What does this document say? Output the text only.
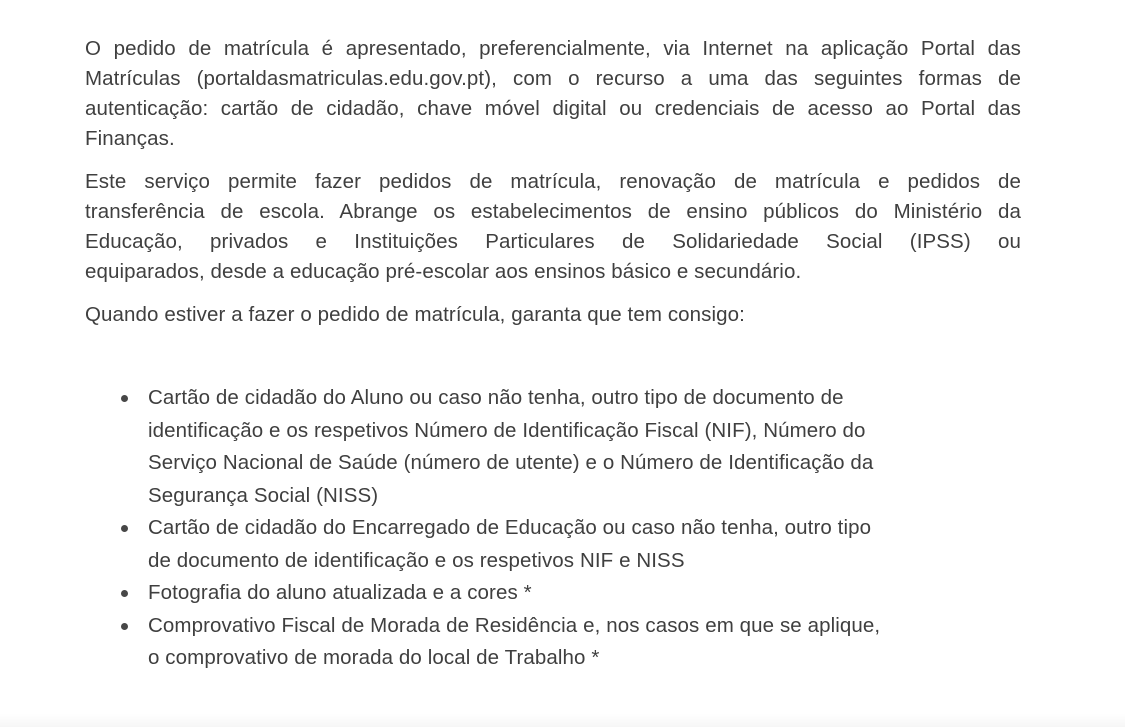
O pedido de matrícula é apresentado, preferencialmente, via Internet na aplicação Portal das
Matrículas (portaldasmatriculas.edu.gov.pt), com o recurso a uma das seguintes formas de
autenticação: cartão de cidadão, chave móvel digital ou credenciais de acesso ao Portal das
Finanças.
Este serviço permite fazer pedidos de matrícula, renovação de matrícula e pedidos de
transferência de escola. Abrange os estabelecimentos de ensino públicos do Ministério da
Educação, privados e Instituições Particulares de Solidariedade Social (IPSS) ou
equiparados, desde a educação pré-escolar aos ensinos básico e secundário.
Quando estiver a fazer o pedido de matrícula, garanta que tem consigo:
Cartão de cidadão do Aluno ou caso não tenha, outro tipo de documento de
identificação e os respetivos Número de Identificação Fiscal (NIF), Número do
Serviço Nacional de Saúde (número de utente) e o Número de Identificação da
Segurança Social (NISS)
Cartão de cidadão do Encarregado de Educação ou caso não tenha, outro tipo
de documento de identificação e os respetivos NIF e NISS
Fotografia do aluno atualizada e a cores *
Comprovativo Fiscal de Morada de Residência e, nos casos em que se aplique,
o comprovativo de morada do local de Trabalho *
